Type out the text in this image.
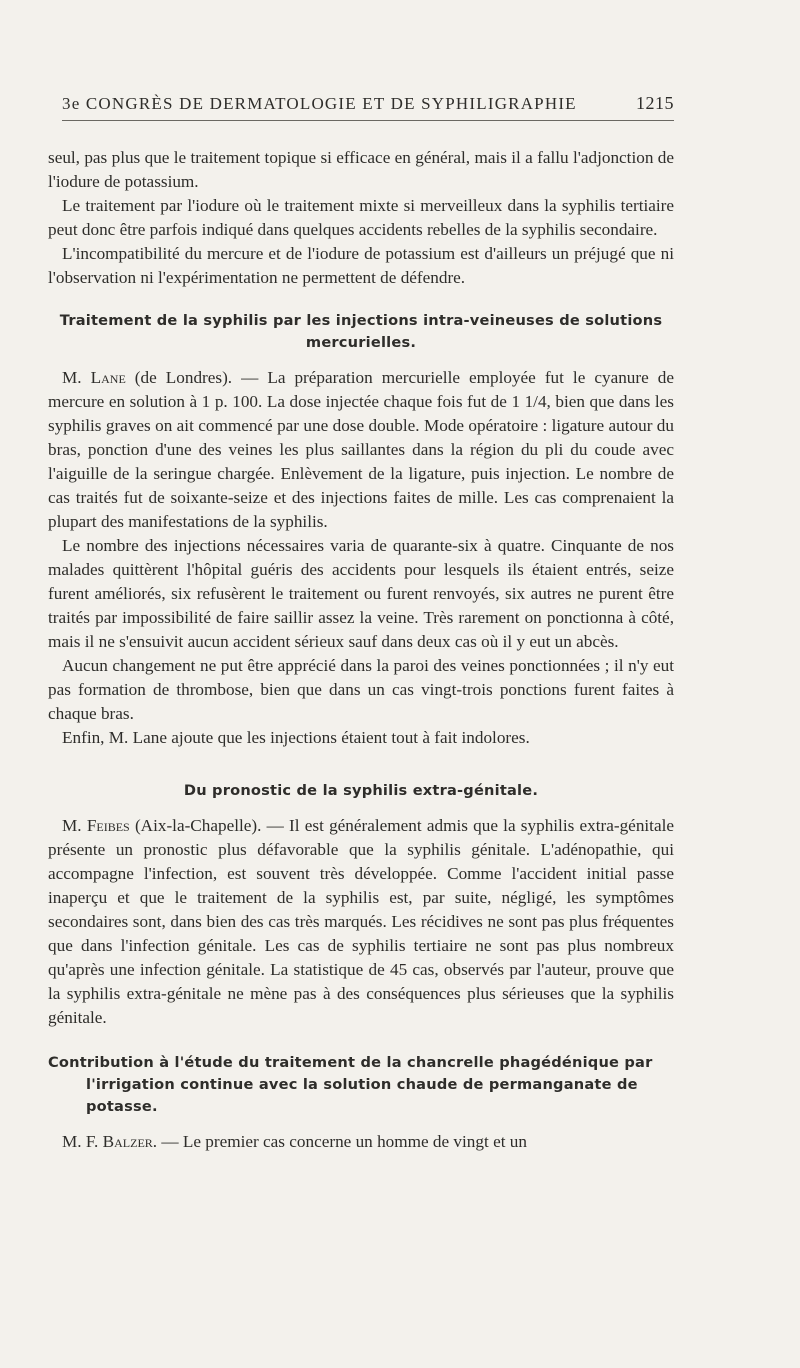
3e CONGRÈS DE DERMATOLOGIE ET DE SYPHILIGRAPHIE	1215

seul, pas plus que le traitement topique si efficace en général, mais il a fallu l'adjonction de l'iodure de potassium.

Le traitement par l'iodure où le traitement mixte si merveilleux dans la syphilis tertiaire peut donc être parfois indiqué dans quelques accidents rebelles de la syphilis secondaire.

L'incompatibilité du mercure et de l'iodure de potassium est d'ailleurs un préjugé que ni l'observation ni l'expérimentation ne permettent de défendre.

Traitement de la syphilis par les injections intra-veineuses de solutions mercurielles.

M. Lane (de Londres). — La préparation mercurielle employée fut le cyanure de mercure en solution à 1 p. 100. La dose injectée chaque fois fut de 1 1/4, bien que dans les syphilis graves on ait commencé par une dose double. Mode opératoire : ligature autour du bras, ponction d'une des veines les plus saillantes dans la région du pli du coude avec l'aiguille de la seringue chargée. Enlèvement de la ligature, puis injection. Le nombre de cas traités fut de soixante-seize et des injections faites de mille. Les cas comprenaient la plupart des manifestations de la syphilis.

Le nombre des injections nécessaires varia de quarante-six à quatre. Cinquante de nos malades quittèrent l'hôpital guéris des accidents pour lesquels ils étaient entrés, seize furent améliorés, six refusèrent le traitement ou furent renvoyés, six autres ne purent être traités par impossibilité de faire saillir assez la veine. Très rarement on ponctionna à côté, mais il ne s'ensuivit aucun accident sérieux sauf dans deux cas où il y eut un abcès.

Aucun changement ne put être apprécié dans la paroi des veines ponctionnées ; il n'y eut pas formation de thrombose, bien que dans un cas vingt-trois ponctions furent faites à chaque bras.

Enfin, M. Lane ajoute que les injections étaient tout à fait indolores.

Du pronostic de la syphilis extra-génitale.

M. Feibes (Aix-la-Chapelle). — Il est généralement admis que la syphilis extra-génitale présente un pronostic plus défavorable que la syphilis génitale. L'adénopathie, qui accompagne l'infection, est souvent très développée. Comme l'accident initial passe inaperçu et que le traitement de la syphilis est, par suite, négligé, les symptômes secondaires sont, dans bien des cas très marqués. Les récidives ne sont pas plus fréquentes que dans l'infection génitale. Les cas de syphilis tertiaire ne sont pas plus nombreux qu'après une infection génitale. La statistique de 45 cas, observés par l'auteur, prouve que la syphilis extra-génitale ne mène pas à des conséquences plus sérieuses que la syphilis génitale.

Contribution à l'étude du traitement de la chancrelle phagédénique par l'irrigation continue avec la solution chaude de permanganate de potasse.

M. F. Balzer. — Le premier cas concerne un homme de vingt et un
